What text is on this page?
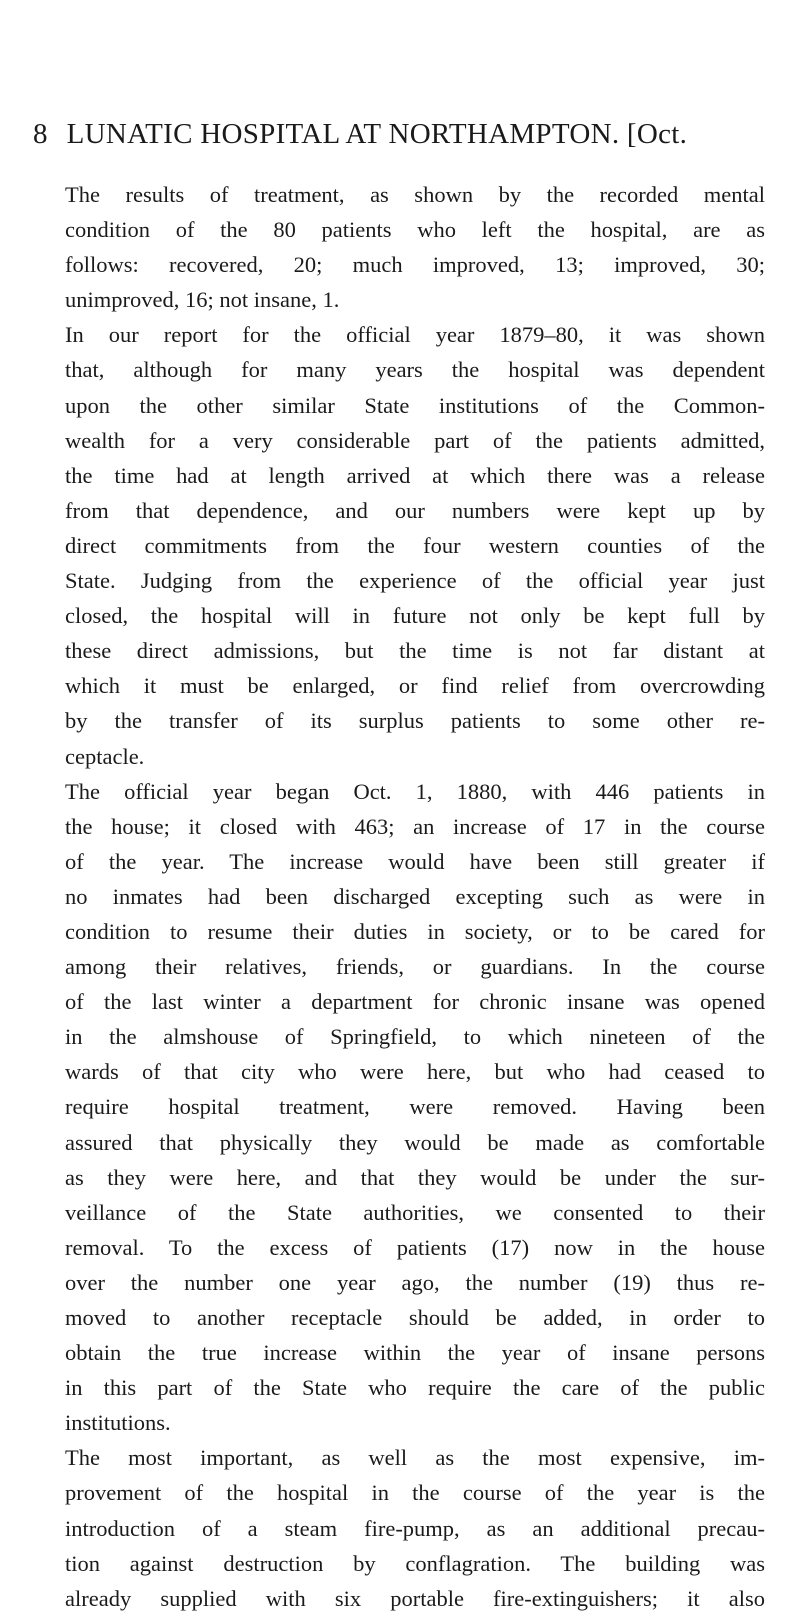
8 LUNATIC HOSPITAL AT NORTHAMPTON. [Oct.
The results of treatment, as shown by the recorded mental
condition of the 80 patients who left the hospital, are as
follows: recovered, 20; much improved, 13; improved, 30;
unimproved, 16; not insane, 1.
In our report for the official year 1879–80, it was shown
that, although for many years the hospital was dependent
upon the other similar State institutions of the Common-
wealth for a very considerable part of the patients admitted,
the time had at length arrived at which there was a release
from that dependence, and our numbers were kept up by
direct commitments from the four western counties of the
State. Judging from the experience of the official year just
closed, the hospital will in future not only be kept full by
these direct admissions, but the time is not far distant at
which it must be enlarged, or find relief from overcrowding
by the transfer of its surplus patients to some other re-
ceptacle.
The official year began Oct. 1, 1880, with 446 patients in
the house; it closed with 463; an increase of 17 in the course
of the year. The increase would have been still greater if
no inmates had been discharged excepting such as were in
condition to resume their duties in society, or to be cared for
among their relatives, friends, or guardians. In the course
of the last winter a department for chronic insane was opened
in the almshouse of Springfield, to which nineteen of the
wards of that city who were here, but who had ceased to
require hospital treatment, were removed. Having been
assured that physically they would be made as comfortable
as they were here, and that they would be under the sur-
veillance of the State authorities, we consented to their
removal. To the excess of patients (17) now in the house
over the number one year ago, the number (19) thus re-
moved to another receptacle should be added, in order to
obtain the true increase within the year of insane persons
in this part of the State who require the care of the public
institutions.
The most important, as well as the most expensive, im-
provement of the hospital in the course of the year is the
introduction of a steam fire-pump, as an additional precau-
tion against destruction by conflagration. The building was
already supplied with six portable fire-extinguishers; it also
